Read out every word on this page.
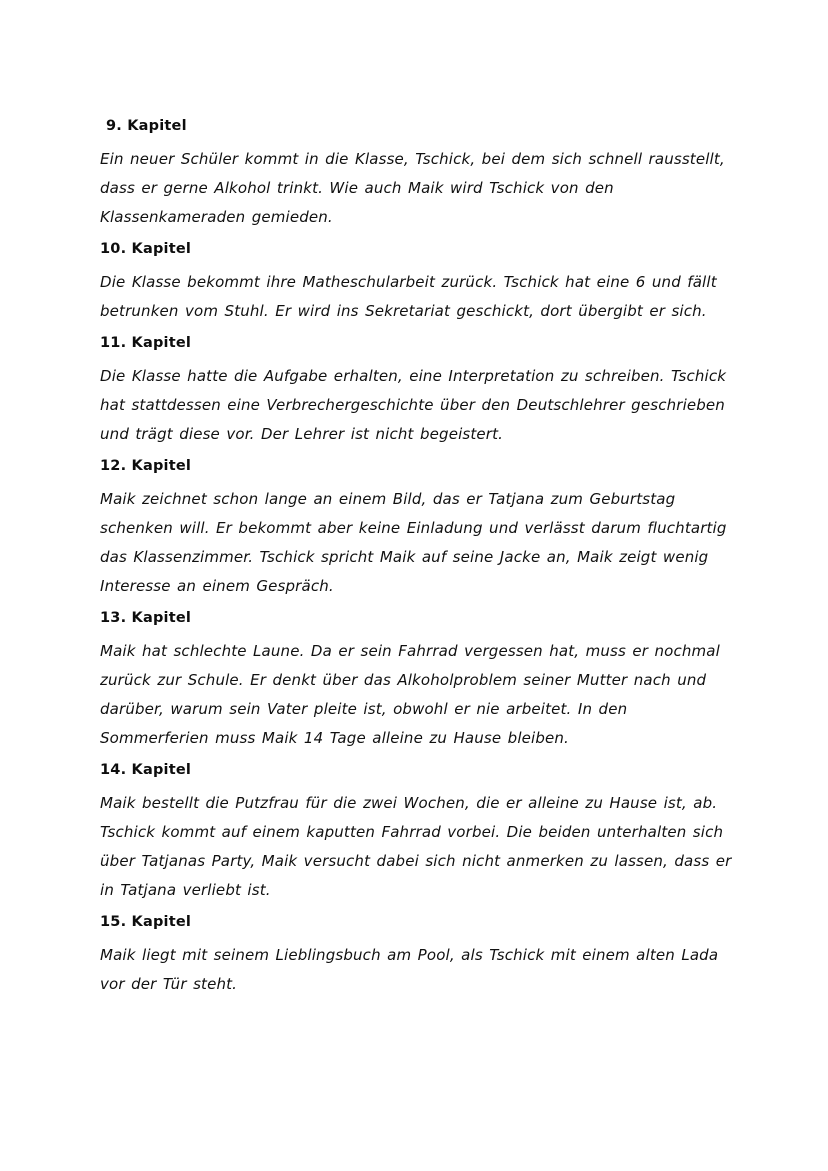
9. Kapitel

Ein neuer Schüler kommt in die Klasse, Tschick, bei dem sich schnell rausstellt,
dass er gerne Alkohol trinkt. Wie auch Maik wird Tschick von den
Klassenkameraden gemieden.

10. Kapitel

Die Klasse bekommt ihre Matheschularbeit zurück. Tschick hat eine 6 und fällt
betrunken vom Stuhl. Er wird ins Sekretariat geschickt, dort übergibt er sich.

11. Kapitel

Die Klasse hatte die Aufgabe erhalten, eine Interpretation zu schreiben. Tschick
hat stattdessen eine Verbrechergeschichte über den Deutschlehrer geschrieben
und trägt diese vor. Der Lehrer ist nicht begeistert.

12. Kapitel

Maik zeichnet schon lange an einem Bild, das er Tatjana zum Geburtstag
schenken will. Er bekommt aber keine Einladung und verlässt darum fluchtartig
das Klassenzimmer. Tschick spricht Maik auf seine Jacke an, Maik zeigt wenig
Interesse an einem Gespräch.

13. Kapitel

Maik hat schlechte Laune. Da er sein Fahrrad vergessen hat, muss er nochmal
zurück zur Schule. Er denkt über das Alkoholproblem seiner Mutter nach und
darüber, warum sein Vater pleite ist, obwohl er nie arbeitet. In den
Sommerferien muss Maik 14 Tage alleine zu Hause bleiben.

14. Kapitel

Maik bestellt die Putzfrau für die zwei Wochen, die er alleine zu Hause ist, ab.
Tschick kommt auf einem kaputten Fahrrad vorbei. Die beiden unterhalten sich
über Tatjanas Party, Maik versucht dabei sich nicht anmerken zu lassen, dass er
in Tatjana verliebt ist.

15. Kapitel

Maik liegt mit seinem Lieblingsbuch am Pool, als Tschick mit einem alten Lada
vor der Tür steht.
